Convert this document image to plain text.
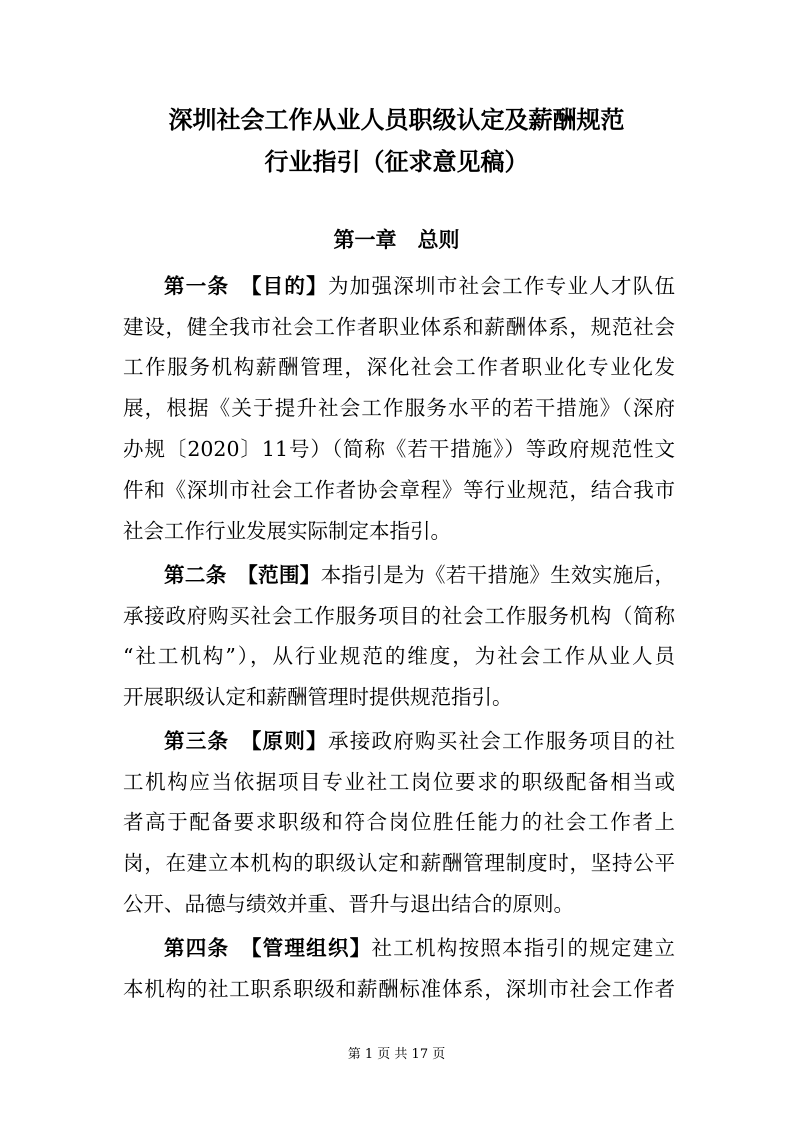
深圳社会工作从业人员职级认定及薪酬规范
行业指引（征求意见稿）
第一章　总则
第一条　 【目的】为加强深圳市社会工作专业人才队伍
建设，健全我市社会工作者职业体系和薪酬体系，规范社会
工作服务机构薪酬管理，深化社会工作者职业化专业化发
展，根据《关于提升社会工作服务水平的若干措施》（深府
办规〔2020〕11号）（简称《若干措施》）等政府规范性文
件和《深圳市社会工作者协会章程》等行业规范，结合我市
社会工作行业发展实际制定本指引。
第二条　 【范围】本指引是为《若干措施》生效实施后，
承接政府购买社会工作服务项目的社会工作服务机构（简称
“社工机构”），从行业规范的维度，为社会工作从业人员
开展职级认定和薪酬管理时提供规范指引。
第三条　 【原则】承接政府购买社会工作服务项目的社
工机构应当依据项目专业社工岗位要求的职级配备相当或
者高于配备要求职级和符合岗位胜任能力的社会工作者上
岗，在建立本机构的职级认定和薪酬管理制度时，坚持公平
公开、品德与绩效并重、晋升与退出结合的原则。
第四条　 【管理组织】社工机构按照本指引的规定建立
本机构的社工职系职级和薪酬标准体系，深圳市社会工作者
第 1 页 共 17 页
